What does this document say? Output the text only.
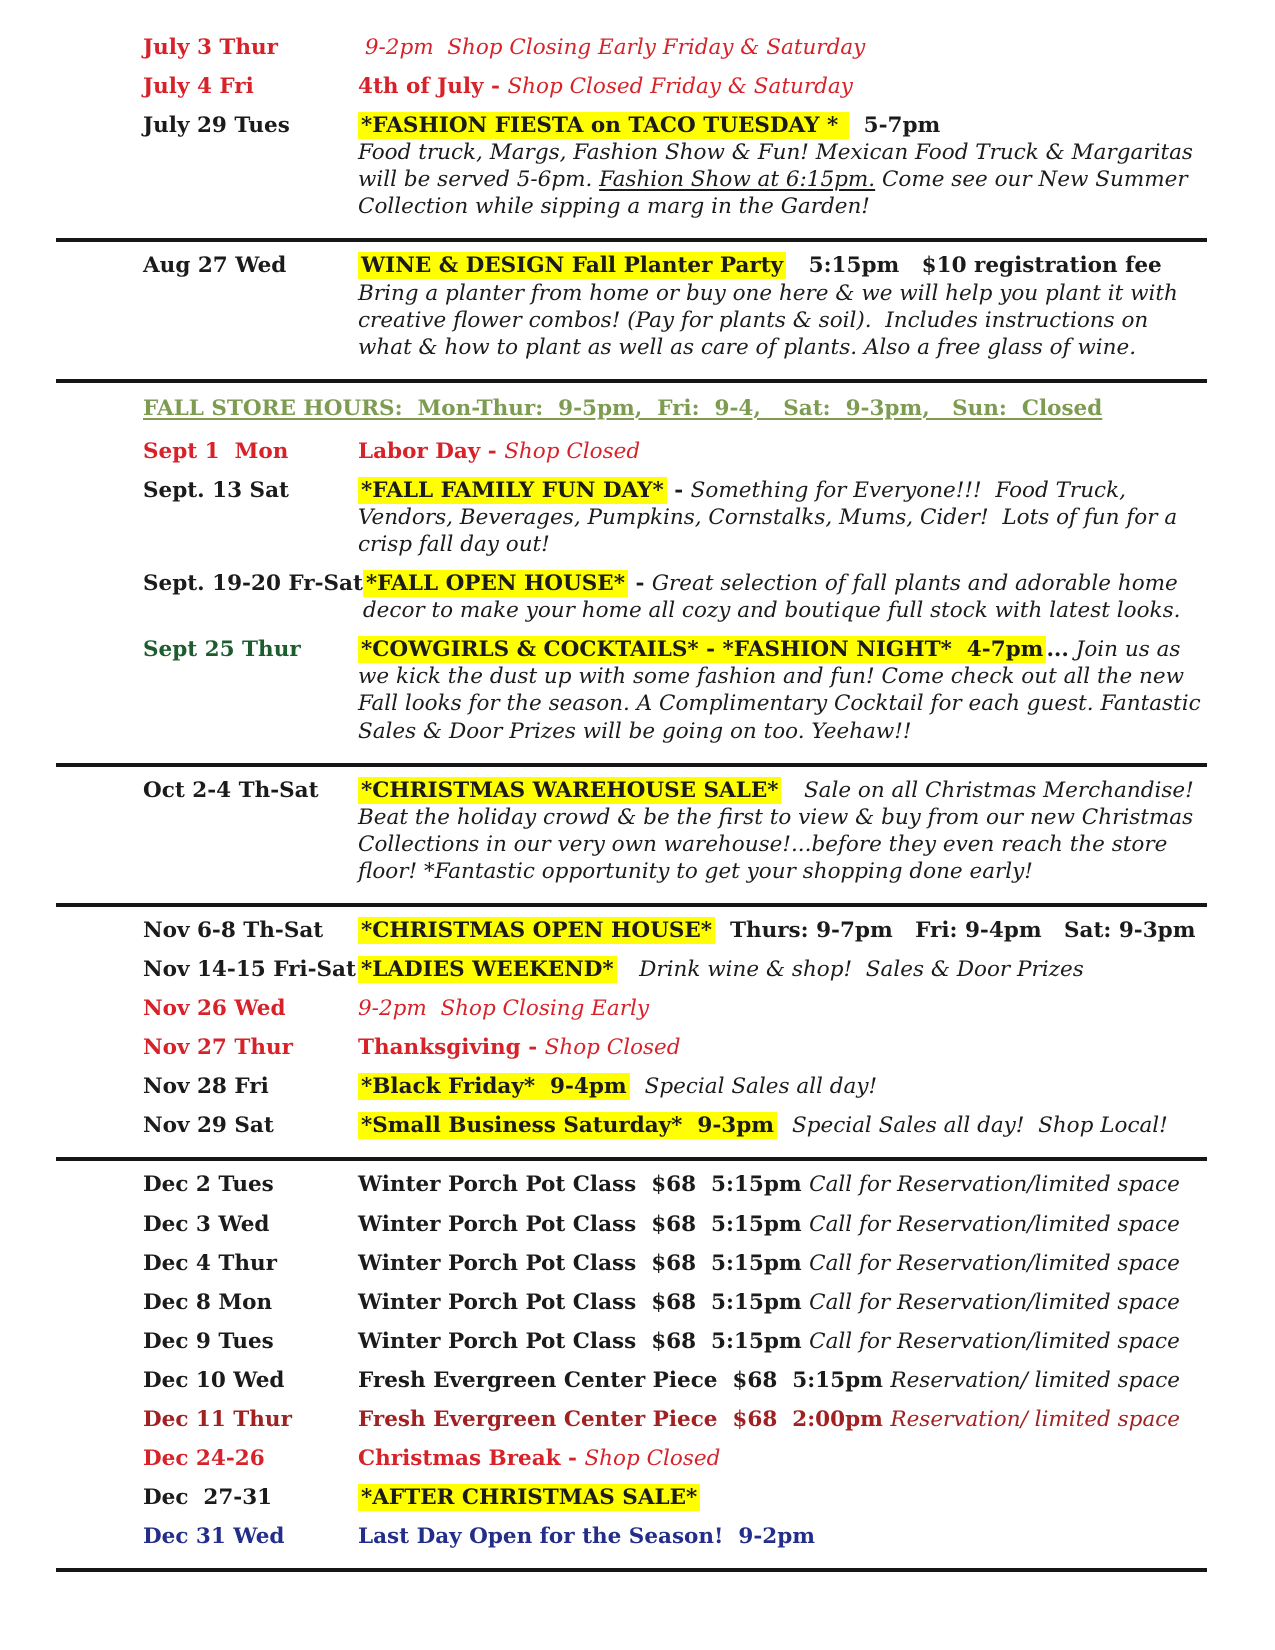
July 3 Thur	9-2pm  Shop Closing Early Friday & Saturday

July 4 Fri	4th of July - Shop Closed Friday & Saturday

July 29 Tues	*FASHION FIESTA on TACO TUESDAY *   5-7pm

Food truck, Margs, Fashion Show & Fun! Mexican Food Truck & Margaritas will be served 5-6pm. Fashion Show at 6:15pm. Come see our New Summer Collection while sipping a marg in the Garden!

Aug 27 Wed	WINE & DESIGN Fall Planter Party   5:15pm   $10 registration fee

Bring a planter from home or buy one here & we will help you plant it with creative flower combos! (Pay for plants & soil).  Includes instructions on what & how to plant as well as care of plants. Also a free glass of wine.

FALL STORE HOURS:  Mon-Thur:  9-5pm,  Fri:  9-4,   Sat:  9-3pm,   Sun:  Closed

Sept 1  Mon	Labor Day - Shop Closed

Sept. 13 Sat	*FALL FAMILY FUN DAY* - Something for Everyone!!!  Food Truck, Vendors, Beverages, Pumpkins, Cornstalks, Mums, Cider!  Lots of fun for a crisp fall day out!

Sept. 19-20 Fr-Sat *FALL OPEN HOUSE* - Great selection of fall plants and adorable home decor to make your home all cozy and boutique full stock with latest looks.

Sept 25 Thur	*COWGIRLS & COCKTAILS* - *FASHION NIGHT*  4-7pm ... Join us as we kick the dust up with some fashion and fun! Come check out all the new Fall looks for the season. A Complimentary Cocktail for each guest. Fantastic Sales & Door Prizes will be going on too. Yeehaw!!

Oct 2-4 Th-Sat	*CHRISTMAS WAREHOUSE SALE* Sale on all Christmas Merchandise! Beat the holiday crowd & be the first to view & buy from our new Christmas Collections in our very own warehouse!...before they even reach the store floor! *Fantastic opportunity to get your shopping done early!

Nov 6-8 Th-Sat	*CHRISTMAS OPEN HOUSE*  Thurs: 9-7pm   Fri: 9-4pm   Sat: 9-3pm

Nov 14-15 Fri-Sat *LADIES WEEKEND* Drink wine & shop!  Sales & Door Prizes

Nov 26 Wed	9-2pm  Shop Closing Early

Nov 27 Thur	Thanksgiving - Shop Closed

Nov 28 Fri	*Black Friday*  9-4pm Special Sales all day!

Nov 29 Sat	*Small Business Saturday*  9-3pm Special Sales all day!  Shop Local!

Dec 2 Tues	Winter Porch Pot Class  $68  5:15pm Call for Reservation/limited space

Dec 3 Wed	Winter Porch Pot Class  $68  5:15pm Call for Reservation/limited space

Dec 4 Thur	Winter Porch Pot Class  $68  5:15pm Call for Reservation/limited space

Dec 8 Mon	Winter Porch Pot Class  $68  5:15pm Call for Reservation/limited space

Dec 9 Tues	Winter Porch Pot Class  $68  5:15pm Call for Reservation/limited space

Dec 10 Wed	Fresh Evergreen Center Piece  $68  5:15pm Reservation/ limited space

Dec 11 Thur	Fresh Evergreen Center Piece  $68  2:00pm Reservation/ limited space

Dec 24-26	Christmas Break - Shop Closed

Dec  27-31	*AFTER CHRISTMAS SALE*

Dec 31 Wed	Last Day Open for the Season!  9-2pm
